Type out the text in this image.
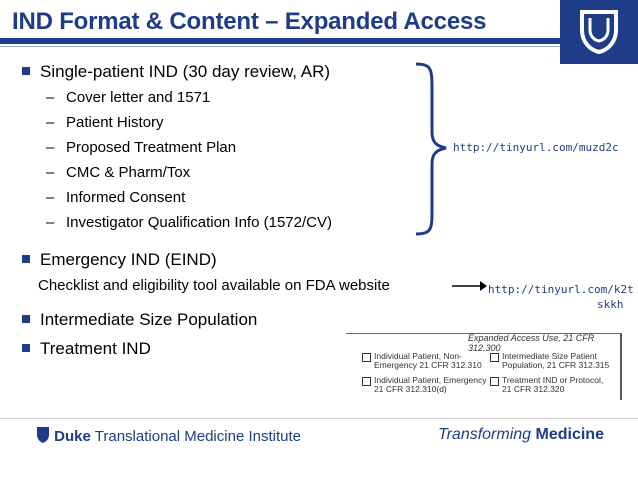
IND Format & Content – Expanded Access
Single-patient IND (30 day review, AR)
– Cover letter and 1571
– Patient History
– Proposed Treatment Plan
– CMC & Pharm/Tox
– Informed Consent
– Investigator Qualification Info (1572/CV)
http://tinyurl.com/muzd2c
Emergency IND (EIND)
Checklist and eligibility tool available on FDA website	http://tinyurl.com/k2t
skkh
Intermediate Size Population
Treatment IND
Expanded Access Use, 21 CFR 312.300
Individual Patient, Non-
Emergency 21 CFR 312.310
Intermediate Size Patient
Population, 21 CFR 312.315
Individual Patient, Emergency
21 CFR 312.310(d)
Treatment IND or Protocol,
21 CFR 312.320
Duke Translational Medicine Institute	Transforming Medicine
